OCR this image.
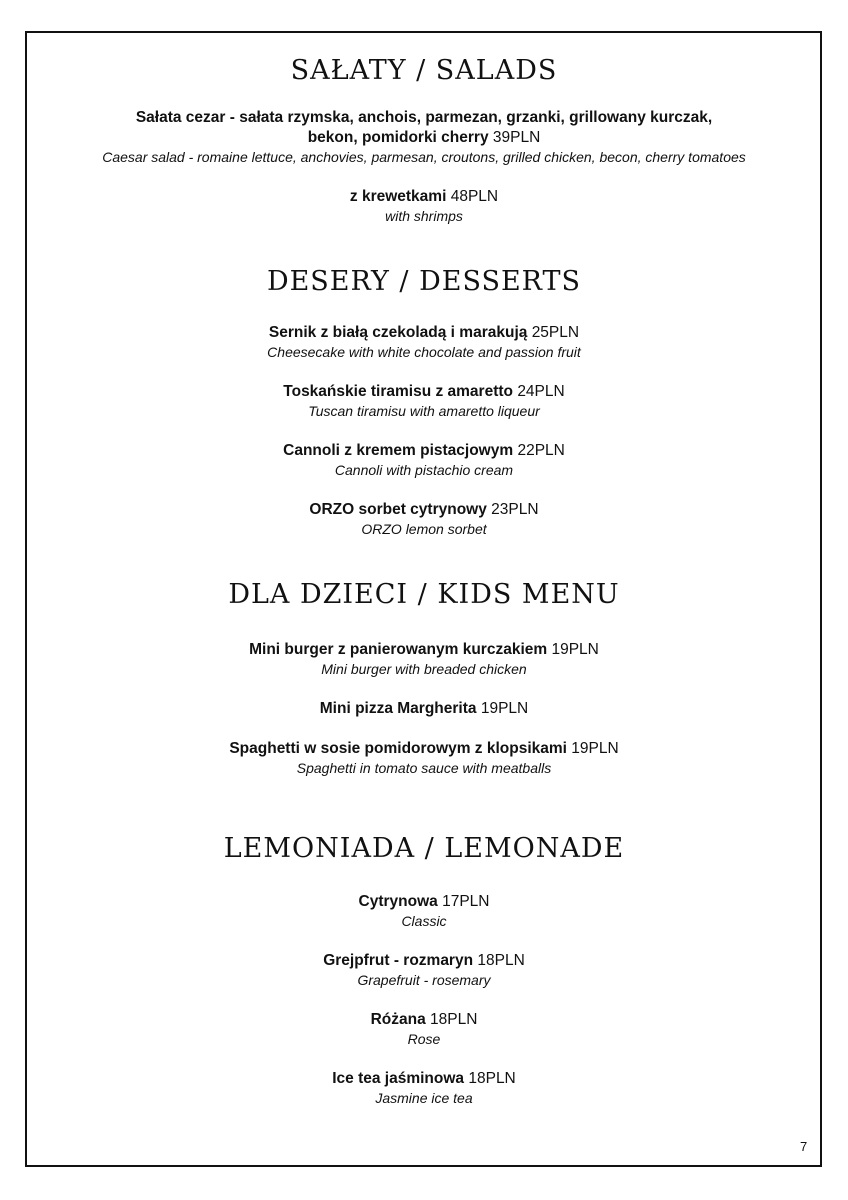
SAŁATY / SALADS
Sałata cezar - sałata rzymska, anchois, parmezan, grzanki, grillowany kurczak,
bekon, pomidorki cherry 39PLN
Caesar salad - romaine lettuce, anchovies, parmesan, croutons, grilled chicken, becon, cherry tomatoes
z krewetkami 48PLN
with shrimps
DESERY / DESSERTS
Sernik z białą czekoladą i marakują 25PLN
Cheesecake with white chocolate and passion fruit
Toskańskie tiramisu z amaretto 24PLN
Tuscan tiramisu with amaretto liqueur
Cannoli z kremem pistacjowym 22PLN
Cannoli with pistachio cream
ORZO sorbet cytrynowy 23PLN
ORZO lemon sorbet
DLA DZIECI / KIDS MENU
Mini burger z panierowanym kurczakiem 19PLN
Mini burger with breaded chicken
Mini pizza Margherita 19PLN
Spaghetti w sosie pomidorowym z klopsikami 19PLN
Spaghetti in tomato sauce with meatballs
LEMONIADA / LEMONADE
Cytrynowa 17PLN
Classic
Grejpfrut - rozmaryn 18PLN
Grapefruit - rosemary
Różana 18PLN
Rose
Ice tea jaśminowa 18PLN
Jasmine ice tea
7
